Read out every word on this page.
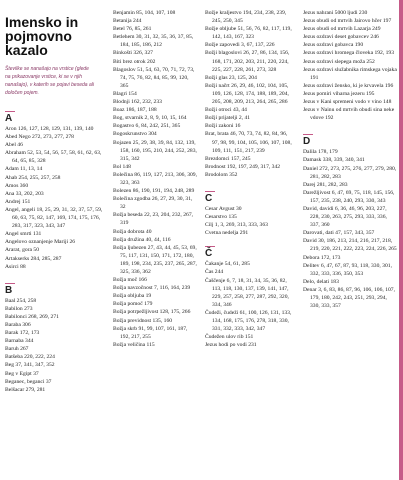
Imensko in
pojmovno
kazalo
Številke se nanašajo na vrstice (glede na prikazovanje vrstice, ki se v njih nanašajo), v katerih se pojavi beseda ali določen pojem.
A
Aron 126, 127, 128, 129, 131, 139, 140
Abed Nego 272, 273, 277, 278
Abel 46
Abraham 52, 53, 54, 56, 57, 58, 61, 62, 63, 64, 65, 85, 328
Adam 11, 13, 14
Ahab 254, 255, 257, 258
Amos 360
Ana 33, 202, 203
Andrej 151
Angel, angeli 18, 25, 29, 31, 32, 37, 57, 59, 60, 63, 75, 82, 147, 169, 174, 175, 176, 283, 317, 323, 343, 347
Angel smrti 131
Angelovo oznanjenje Mariji 26
Ararat, gora 50
Artakserks 284, 285, 287
Asirci 88
B
Baal 254, 258
Babilon 273
Babilonci 268, 269, 271
Baraba 306
Barak 172, 173
Barnaba 344
Baruh 267
Batšeba 220, 222, 224
Beg 37, 341, 347, 352
Beg v Egipt 37
Beganec, beganci 37
Belšacar 279, 281
Benjamin 85, 104, 107, 108
Betanija 244
Betel 76, 85, 261
Betlehem 30, 31, 32, 35, 36, 37, 85, 184, 185, 186, 212
Binkošti 326, 327
Biti brez otrok 202
Blagoslov 51, 54, 63, 70, 71, 72, 73, 74, 75, 76, 82, 84, 85, 99, 120, 365
Blagri 154
Blodnji 162, 232, 233
Boaz 186, 187, 188
Bog, stvarnik 2, 8, 9, 10, 15, 164
Bogastvo 6, 84, 242, 251, 365
Bogoskrunstvo 304
Bojazen 25, 29, 38, 39, 84, 132, 139, 158, 160, 195, 210, 244, 252, 283, 315, 342
Bol 148
Bolečina 86, 119, 127, 213, 306, 309, 323, 363
Bolezen 86, 190, 191, 194, 248, 289
Bolečina zgodba 26, 27, 29, 30, 31, 32
Božja beseda 22, 23, 204, 232, 267, 319
Božja dobrota 40
Božja družina 40, 44, 116
Božja ljubezen 27, 43, 44, 45, 53, 69, 75, 117, 131, 150, 171, 172, 180, 189, 198, 234, 235, 237, 265, 287, 325, 336, 362
Božja moč 166
Božja navzočnost 7, 116, 164, 239
Božja obljuba 19
Božja pomoč 179
Božja potrpežljivost 128, 175, 266
Božja previdnost 135, 160
Božja skrb 91, 99, 107, 161, 187, 192, 217, 255
Božja veličina 115
Božje kraljestvo 194, 234, 238, 239, 245, 250, 345
Božje obljube 51, 56, 76, 82, 117, 119, 142, 143, 167, 323
Božje zapovedi 3, 67, 137, 226
Božji blagoslovi 26, 27, 86, 134, 156, 168, 171, 202, 203, 211, 220, 224, 225, 227, 228, 261, 273, 328
Božji glas 23, 125, 204
Božji načrt 26, 29, 46, 102, 104, 105, 109, 126, 128, 174, 188, 189, 204, 205, 208, 209, 213, 264, 265, 286
Božji otroci 43, 44
Božji prijatelji 2, 41
Božji zakoni 16
Brat, brata 46, 70, 73, 74, 82, 84, 96, 97, 98, 99, 104, 105, 106, 107, 108, 109, 111, 151, 217, 239
Brezdomci 157, 245
Brodnost 192, 197, 249, 317, 342
Brodolom 352
C
Cesar Avgust 30
Cesarstvo 135
Cilj 1, 3, 269, 313, 333, 363
Cvetna nedelja 291
Č
Čakanje 54, 61, 285
Čas 244
Čaščenje 6, 7, 18, 31, 34, 35, 36, 82, 113, 118, 130, 137, 139, 141, 147, 229, 257, 258, 277, 287, 292, 320, 334, 346
Čudeži, čudeži 61, 100, 126, 131, 133, 134, 168, 175, 176, 278, 318, 330, 331, 332, 333, 342, 347
Čudežen ulov rib 151
Jezus hodi po vodi 231
Jezus nahrani 5000 ljudi 230
Jezus obudi od mrtvih Jairovo hčer 197
Jezus obudi od mrtvih Lazarja 249
Jezus ozdravi deset gobavcev 246
Jezus ozdravi gobavca 190
Jezus ozdravi hromega človeka 192, 193
Jezus ozdravi slepega moža 252
Jezus ozdravi služabnika rimskega vojaka 191
Jezus ozdravi žensko, ki je krvavela 196
Jezus pomiri viharna jezeru 195
Jezus v Kani spremeni vodo v vino 148
Jezus v Nainu od mrtvih obudi sina neke vdove 192
D
Dalila 178, 179
Damask 338, 339, 340, 341
Daniel 272, 273, 275, 276, 277, 279, 280, 281, 282, 283
Darej 281, 282, 283
Darežljivost 6, 47, 69, 75, 118, 145, 156, 157, 235, 238, 240, 293, 330, 343
David, davidi 6, 36, 46, 96, 203, 227, 228, 230, 263, 275, 293, 333, 336, 337, 360
Darovati, dati 47, 157, 343, 357
David 30, 186, 213, 214, 216, 217, 218, 219, 220, 221, 222, 223, 224, 226, 265
Debora 172, 173
Delitev 6, 47, 67, 87, 93, 118, 330, 301, 332, 333, 336, 350, 353
Delo, delati 183
Denar 3, 6, 83, 86, 87, 96, 106, 106, 107, 179, 180, 242, 243, 251, 293, 294, 330, 333, 357
